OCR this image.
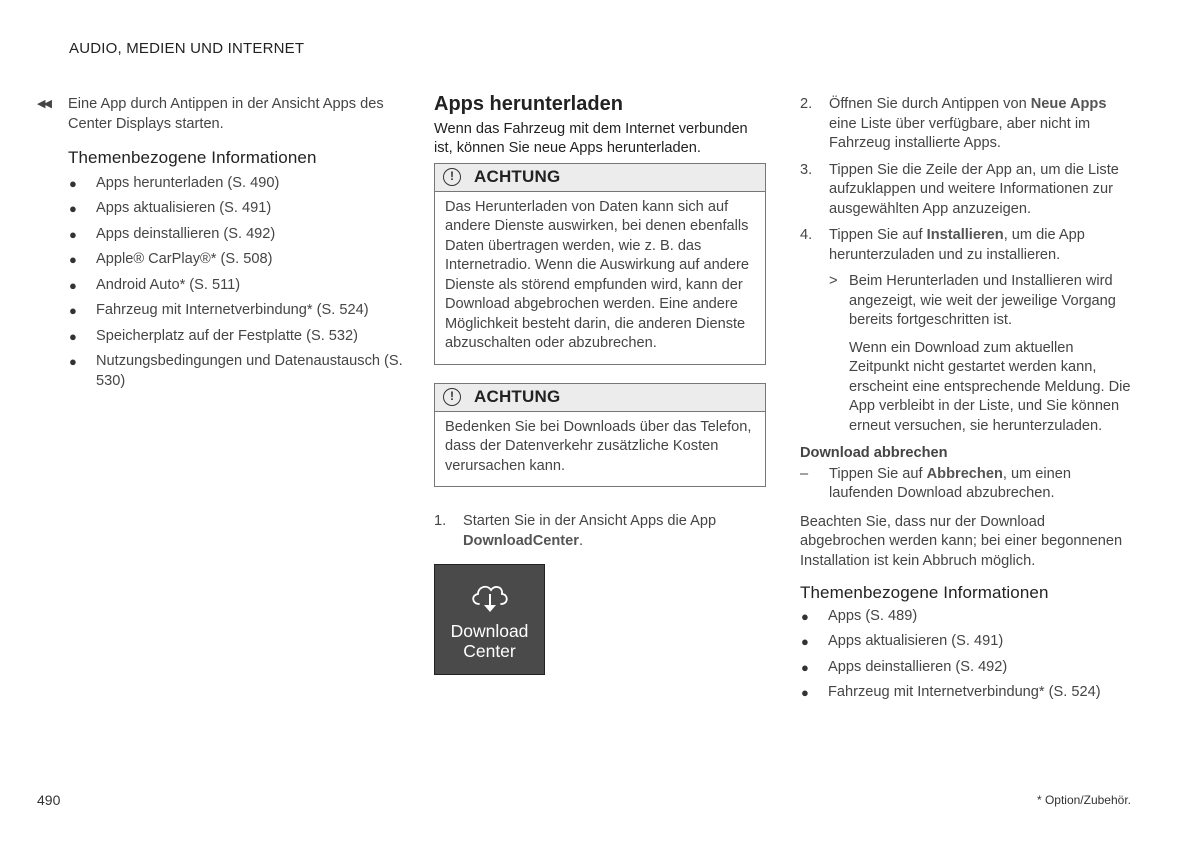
AUDIO, MEDIEN UND INTERNET
◀◀	Eine App durch Antippen in der Ansicht Apps des Center Displays starten.
Themenbezogene Informationen
● Apps herunterladen (S. 490)
● Apps aktualisieren (S. 491)
● Apps deinstallieren (S. 492)
● Apple® CarPlay®* (S. 508)
● Android Auto* (S. 511)
● Fahrzeug mit Internetverbindung* (S. 524)
● Speicherplatz auf der Festplatte (S. 532)
● Nutzungsbedingungen und Datenaustausch (S. 530)
Apps herunterladen

Wenn das Fahrzeug mit dem Internet verbunden ist, können Sie neue Apps herunterladen.

!	ACHTUNG
Das Herunterladen von Daten kann sich auf andere Dienste auswirken, bei denen ebenfalls Daten übertragen werden, wie z. B. das Internetradio. Wenn die Auswirkung auf andere Dienste als störend empfunden wird, kann der Download abgebrochen werden. Eine andere Möglichkeit besteht darin, die anderen Dienste abzuschalten oder abzubrechen.
!	ACHTUNG
Bedenken Sie bei Downloads über das Telefon, dass der Datenverkehr zusätzliche Kosten verursachen kann.
1.	Starten Sie in der Ansicht Apps die App DownloadCenter.
Download
Center
2.	Öffnen Sie durch Antippen von Neue Apps eine Liste über verfügbare, aber nicht im Fahrzeug installierte Apps.
3.	Tippen Sie die Zeile der App an, um die Liste aufzuklappen und weitere Informationen zur ausgewählten App anzuzeigen.
4.	Tippen Sie auf Installieren, um die App herunterzuladen und zu installieren.
> Beim Herunterladen und Installieren wird angezeigt, wie weit der jeweilige Vorgang bereits fortgeschritten ist.
Wenn ein Download zum aktuellen Zeitpunkt nicht gestartet werden kann, erscheint eine entsprechende Meldung. Die App verbleibt in der Liste, und Sie können erneut versuchen, sie herunterzuladen.
Download abbrechen
–	Tippen Sie auf Abbrechen, um einen laufenden Download abzubrechen.
Beachten Sie, dass nur der Download abgebrochen werden kann; bei einer begonnenen Installation ist kein Abbruch möglich.
Themenbezogene Informationen
● Apps (S. 489)
● Apps aktualisieren (S. 491)
● Apps deinstallieren (S. 492)
● Fahrzeug mit Internetverbindung* (S. 524)
490	* Option/Zubehör.
